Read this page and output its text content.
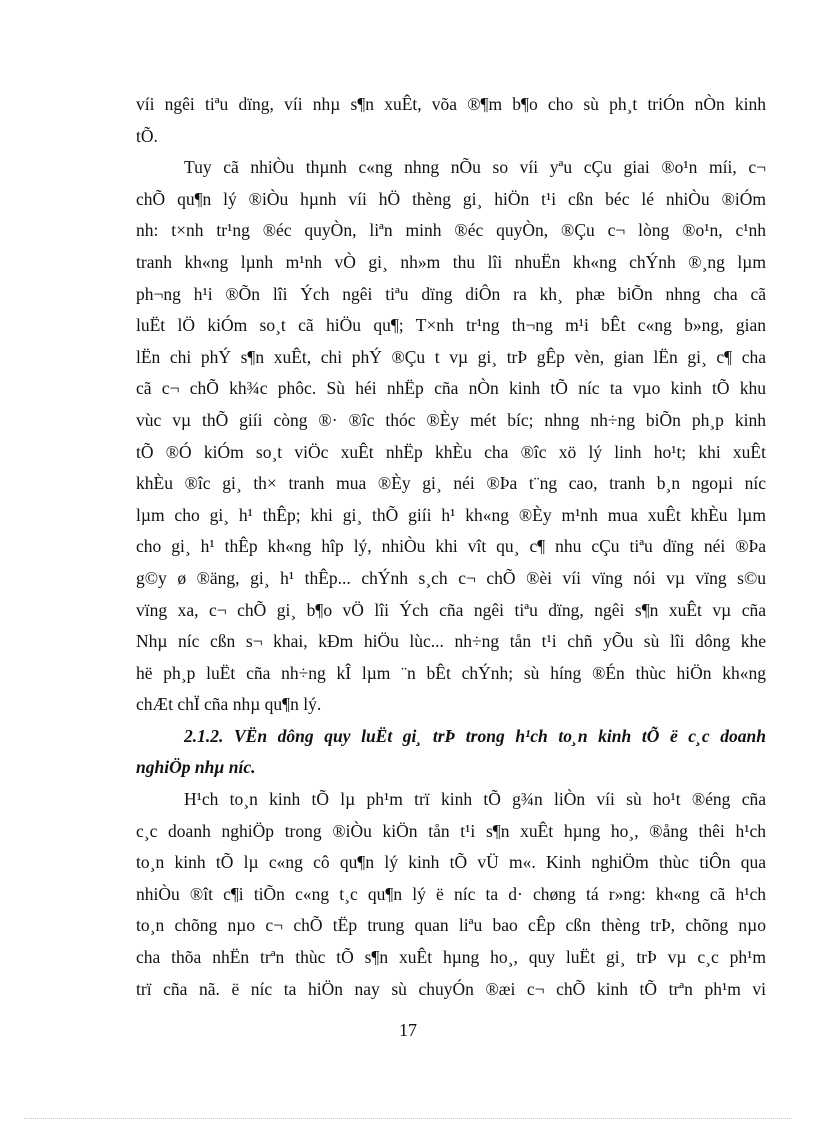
víi ngêi tiªu dïng, víi nhµ s¶n xuÊt, võa ®¶m b¶o cho sù ph¸t triÓn nÒn kinh
tÕ.
Tuy cã nhiÒu thµnh c«ng nhng nÕu so víi yªu cÇu giai ®o¹n míi, c¬
chÕ qu¶n lý ®iÒu hµnh víi hÖ thèng gi¸ hiÖn t¹i cßn béc lé nhiÒu ®iÓm
nh: t×nh tr¹ng ®éc quyÒn, liªn minh ®éc quyÒn, ®Çu c¬ lòng ®o¹n, c¹nh
tranh kh«ng lµnh m¹nh vÒ gi¸ nh»m thu lîi nhuËn kh«ng chÝnh ®¸ng lµm
ph¬ng h¹i ®Õn lîi Ých ngêi tiªu dïng diÔn ra kh¸ phæ biÕn nhng cha cã
luËt lÖ kiÓm so¸t cã hiÖu qu¶; T×nh tr¹ng th¬ng m¹i bÊt c«ng b»ng, gian
lËn chi phÝ s¶n xuÊt, chi phÝ ®Çu t vµ gi¸ trÞ gÊp vèn, gian lËn gi¸ c¶ cha
cã c¬ chÕ kh¾c phôc. Sù héi nhËp cña nÒn kinh tÕ níc ta vµo kinh tÕ khu
vùc vµ thÕ giíi còng ®· ®îc thóc ®Èy mét bíc; nhng nh÷ng biÕn ph¸p kinh
tÕ ®Ó kiÓm so¸t viÖc xuÊt nhËp khÈu cha ®îc xö lý linh ho¹t; khi xuÊt
khÈu ®îc gi¸ th× tranh mua ®Èy gi¸ néi ®Þa t¨ng cao, tranh b¸n ngoµi níc
lµm cho gi¸ h¹ thÊp; khi gi¸ thÕ giíi h¹ kh«ng ®Èy m¹nh mua xuÊt khÈu lµm
cho gi¸ h¹ thÊp kh«ng hîp lý, nhiÒu khi vît qu¸ c¶ nhu cÇu tiªu dïng néi ®Þa
g©y ø ®äng, gi¸ h¹ thÊp... chÝnh s¸ch c¬ chÕ ®èi víi vïng nói vµ vïng s©u
vïng xa, c¬ chÕ gi¸ b¶o vÖ lîi Ých cña ngêi tiªu dïng, ngêi s¶n xuÊt vµ cña
Nhµ níc cßn s¬ khai, kÐm hiÖu lùc... nh÷ng tån t¹i chñ yÕu sù lîi dông khe
hë ph¸p luËt cña nh÷ng kÎ lµm ¨n bÊt chÝnh; sù híng ®Én thùc hiÖn kh«ng
chÆt chÏ cña nhµ qu¶n lý.
2.1.2. VËn dông quy luËt gi¸ trÞ trong h¹ch to¸n kinh tÕ ë c¸c doanh
nghiÖp nhµ níc.
H¹ch to¸n kinh tÕ lµ ph¹m trï kinh tÕ g¾n liÒn víi sù ho¹t ®éng cña
c¸c doanh nghiÖp trong ®iÒu kiÖn tån t¹i s¶n xuÊt hµng ho¸, ®ång thêi h¹ch
to¸n kinh tÕ lµ c«ng cô qu¶n lý kinh tÕ vÜ m«. Kinh nghiÖm thùc tiÔn qua
nhiÒu ®ît c¶i tiÕn c«ng t¸c qu¶n lý ë níc ta d· chøng tá r»ng: kh«ng cã h¹ch
to¸n chõng nµo c¬ chÕ tËp trung quan liªu bao cÊp cßn thèng trÞ, chõng nµo
cha thõa nhËn trªn thùc tÕ s¶n xuÊt hµng ho¸, quy luËt gi¸ trÞ vµ c¸c ph¹m
trï cña nã. ë níc ta hiÖn nay sù chuyÓn ®æi c¬ chÕ kinh tÕ trªn ph¹m vi
17
